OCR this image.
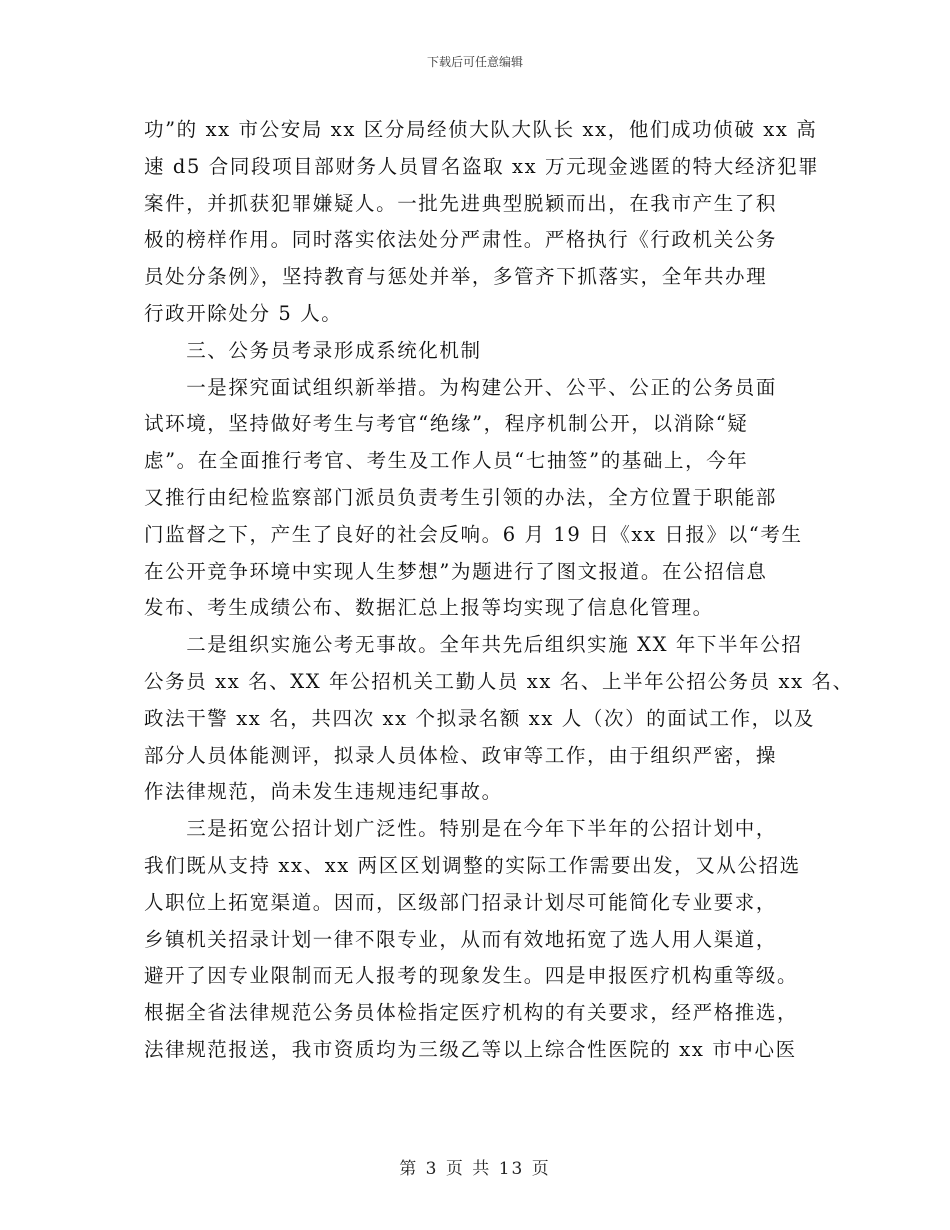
下载后可任意编辑
功”的 xx 市公安局 xx 区分局经侦大队大队长 xx，他们成功侦破 xx 高
速 d5 合同段项目部财务人员冒名盗取 xx 万元现金逃匿的特大经济犯罪
案件，并抓获犯罪嫌疑人。一批先进典型脱颖而出，在我市产生了积
极的榜样作用。同时落实依法处分严肃性。严格执行《行政机关公务
员处分条例》，坚持教育与惩处并举，多管齐下抓落实，全年共办理
行政开除处分 5 人。
　　三、公务员考录形成系统化机制
　　一是探究面试组织新举措。为构建公开、公平、公正的公务员面
试环境，坚持做好考生与考官“绝缘”，程序机制公开，以消除“疑
虑”。在全面推行考官、考生及工作人员“七抽签”的基础上，今年
又推行由纪检监察部门派员负责考生引领的办法，全方位置于职能部
门监督之下，产生了良好的社会反响。6 月 19 日《xx 日报》以“考生
在公开竞争环境中实现人生梦想”为题进行了图文报道。在公招信息
发布、考生成绩公布、数据汇总上报等均实现了信息化管理。
　　二是组织实施公考无事故。全年共先后组织实施 XX 年下半年公招
公务员 xx 名、XX 年公招机关工勤人员 xx 名、上半年公招公务员 xx 名、
政法干警 xx 名，共四次 xx 个拟录名额 xx 人（次）的面试工作，以及
部分人员体能测评，拟录人员体检、政审等工作，由于组织严密，操
作法律规范，尚未发生违规违纪事故。
　　三是拓宽公招计划广泛性。特别是在今年下半年的公招计划中，
我们既从支持 xx、xx 两区区划调整的实际工作需要出发，又从公招选
人职位上拓宽渠道。因而，区级部门招录计划尽可能简化专业要求，
乡镇机关招录计划一律不限专业，从而有效地拓宽了选人用人渠道，
避开了因专业限制而无人报考的现象发生。四是申报医疗机构重等级。
根据全省法律规范公务员体检指定医疗机构的有关要求，经严格推选，
法律规范报送，我市资质均为三级乙等以上综合性医院的 xx 市中心医
第 3 页 共 13 页
